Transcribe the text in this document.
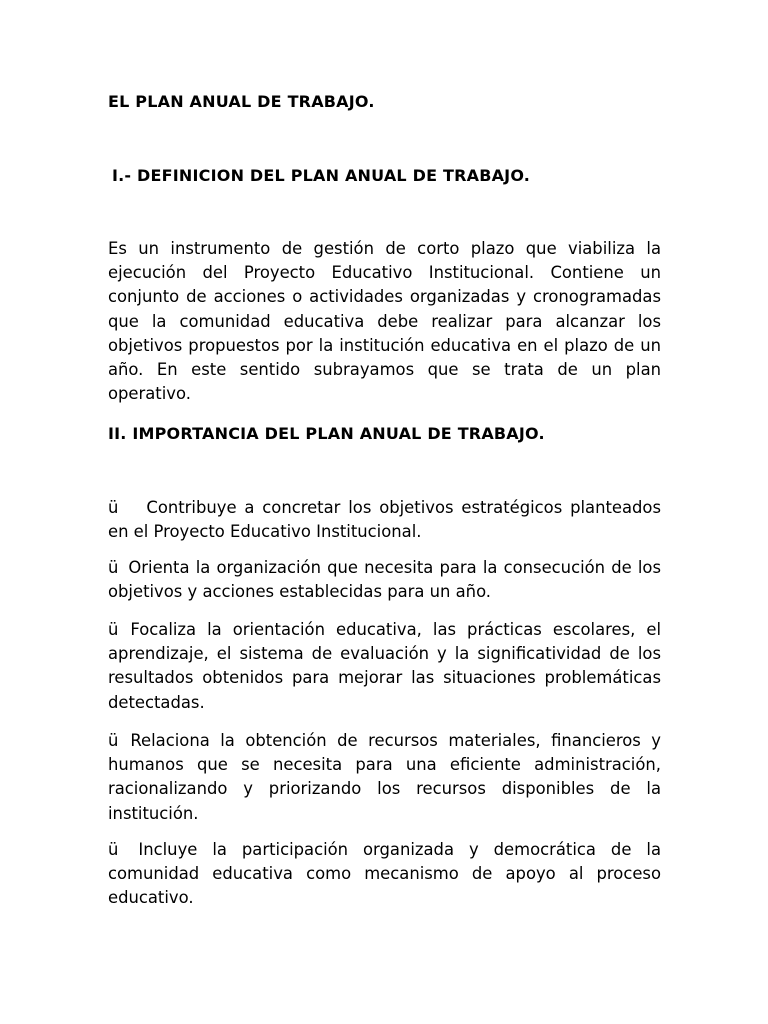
EL PLAN ANUAL DE TRABAJO.
I.- DEFINICION DEL PLAN ANUAL DE TRABAJO.

Es un instrumento de gestión de corto plazo que viabiliza la ejecución del Proyecto Educativo Institucional. Contiene un conjunto de acciones o actividades organizadas y cronogramadas que la comunidad educativa debe realizar para alcanzar los objetivos propuestos por la institución educativa en el plazo de un año. En este sentido subrayamos que se trata de un plan operativo.

II. IMPORTANCIA DEL PLAN ANUAL DE TRABAJO.

ü Contribuye a concretar los objetivos estratégicos planteados en el Proyecto Educativo Institucional.

ü Orienta la organización que necesita para la consecución de los objetivos y acciones establecidas para un año.

ü Focaliza la orientación educativa, las prácticas escolares, el aprendizaje, el sistema de evaluación y la significatividad de los resultados obtenidos para mejorar las situaciones problemáticas detectadas.

ü Relaciona la obtención de recursos materiales, financieros y humanos que se necesita para una eficiente administración, racionalizando y priorizando los recursos disponibles de la institución.

ü Incluye la participación organizada y democrática de la comunidad educativa como mecanismo de apoyo al proceso educativo.
